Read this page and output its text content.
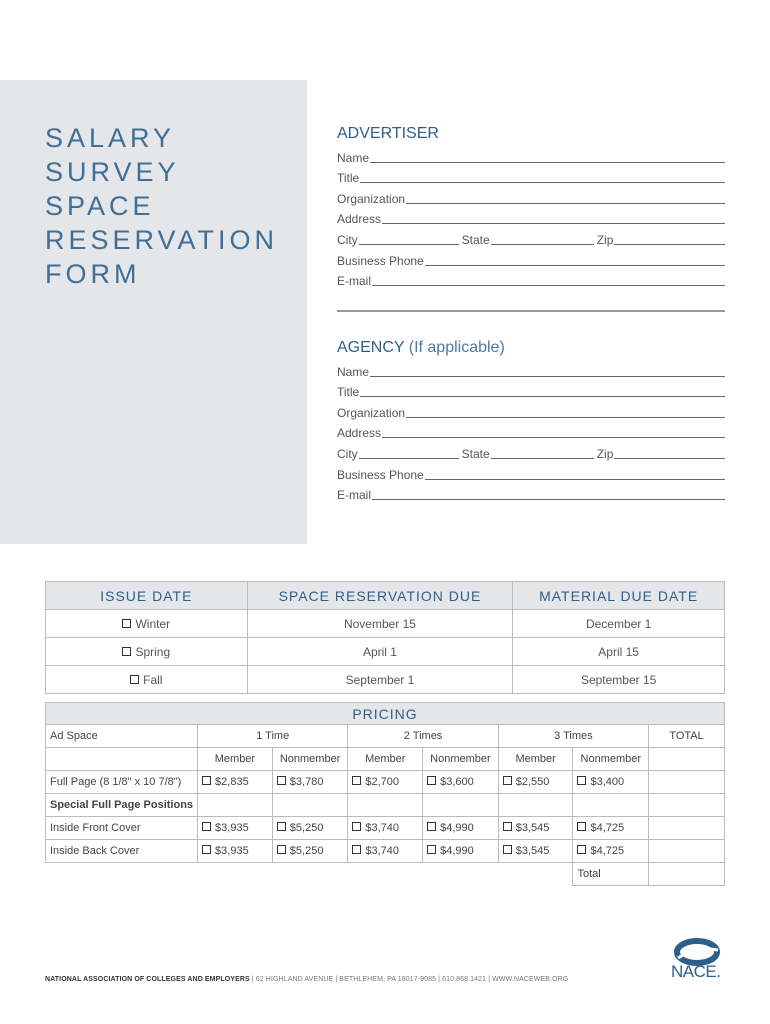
SALARY
SURVEY
SPACE
RESERVATION
FORM
ADVERTISER
Name
Title
Organization
Address
City	State	Zip
Business Phone
E-mail
AGENCY (If applicable)
Name
Title
Organization
Address
City	State	Zip
Business Phone
E-mail
ISSUE DATE	SPACE RESERVATION DUE	MATERIAL DUE DATE
Winter	November 15	December 1
Spring	April 1	April 15
Fall	September 1	September 15
PRICING							
Ad Space	1 Time		2 Times		3 Times		TOTAL
	Member	Nonmember	Member	Nonmember	Member	Nonmember	
Full Page (8 1/8" x 10 7/8")	$2,835	$3,780	$2,700	$3,600	$2,550	$3,400	
Special Full Page Positions							
Inside Front Cover	$3,935	$5,250	$3,740	$4,990	$3,545	$4,725	
Inside Back Cover	$3,935	$5,250	$3,740	$4,990	$3,545	$4,725	
						Total	
NATIONAL ASSOCIATION OF COLLEGES AND EMPLOYERS | 62 HIGHLAND AVENUE | BETHLEHEM, PA 18017-9085 | 610.868.1421 | WWW.NACEWEB.ORG	NACE.
